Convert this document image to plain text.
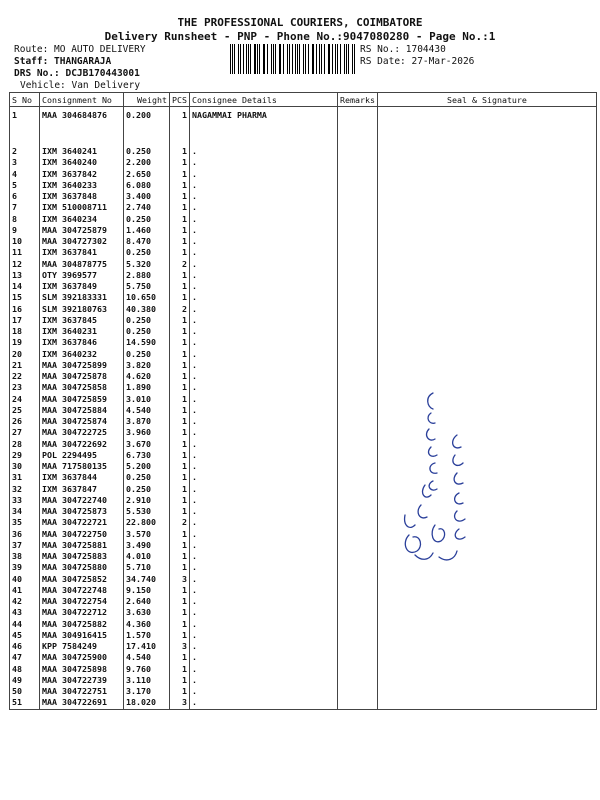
THE PROFESSIONAL COURIERS, COIMBATORE
Delivery Runsheet - PNP - Phone No.:9047080280 - Page No.:1
Route: MO AUTO DELIVERY
Staff: THANGARAJA
DRS No.: DCJB170443001
Vehicle: Van Delivery
RS No.: 1704430
RS Date: 27-Mar-2026
S No	Consignment No	Weight	PCS	Consignee Details	Remarks	Seal & Signature
1	MAA 304684876	0.200	1	NAGAMMAI PHARMA		
2	IXM 3640241	0.250	1	.		
3	IXM 3640240	2.200	1	.		
4	IXM 3637842	2.650	1	.		
5	IXM 3640233	6.080	1	.		
6	IXM 3637848	3.400	1	.		
7	IXM 510008711	2.740	1	.		
8	IXM 3640234	0.250	1	.		
9	MAA 304725879	1.460	1	.		
10	MAA 304727302	8.470	1	.		
11	IXM 3637841	0.250	1	.		
12	MAA 304878775	5.320	2	.		
13	OTY 3969577	2.880	1	.		
14	IXM 3637849	5.750	1	.		
15	SLM 392183331	10.650	1	.		
16	SLM 392180763	40.380	2	.		
17	IXM 3637845	0.250	1	.		
18	IXM 3640231	0.250	1	.		
19	IXM 3637846	14.590	1	.		
20	IXM 3640232	0.250	1	.		
21	MAA 304725899	3.820	1	.		
22	MAA 304725878	4.620	1	.		
23	MAA 304725858	1.890	1	.		
24	MAA 304725859	3.010	1	.		
25	MAA 304725884	4.540	1	.		
26	MAA 304725874	3.870	1	.		
27	MAA 304722725	3.960	1	.		
28	MAA 304722692	3.670	1	.		
29	POL 2294495	6.730	1	.		
30	MAA 717580135	5.200	1	.		
31	IXM 3637844	0.250	1	.		
32	IXM 3637847	0.250	1	.		
33	MAA 304722740	2.910	1	.		
34	MAA 304725873	5.530	1	.		
35	MAA 304722721	22.800	2	.		
36	MAA 304722750	3.570	1	.		
37	MAA 304725881	3.490	1	.		
38	MAA 304725883	4.010	1	.		
39	MAA 304725880	5.710	1	.		
40	MAA 304725852	34.740	3	.		
41	MAA 304722748	9.150	1	.		
42	MAA 304722754	2.640	1	.		
43	MAA 304722712	3.630	1	.		
44	MAA 304725882	4.360	1	.		
45	MAA 304916415	1.570	1	.		
46	KPP 7584249	17.410	3	.		
47	MAA 304725900	4.540	1	.		
48	MAA 304725898	9.760	1	.		
49	MAA 304722739	3.110	1	.		
50	MAA 304722751	3.170	1	.		
51	MAA 304722691	18.020	3	.		
